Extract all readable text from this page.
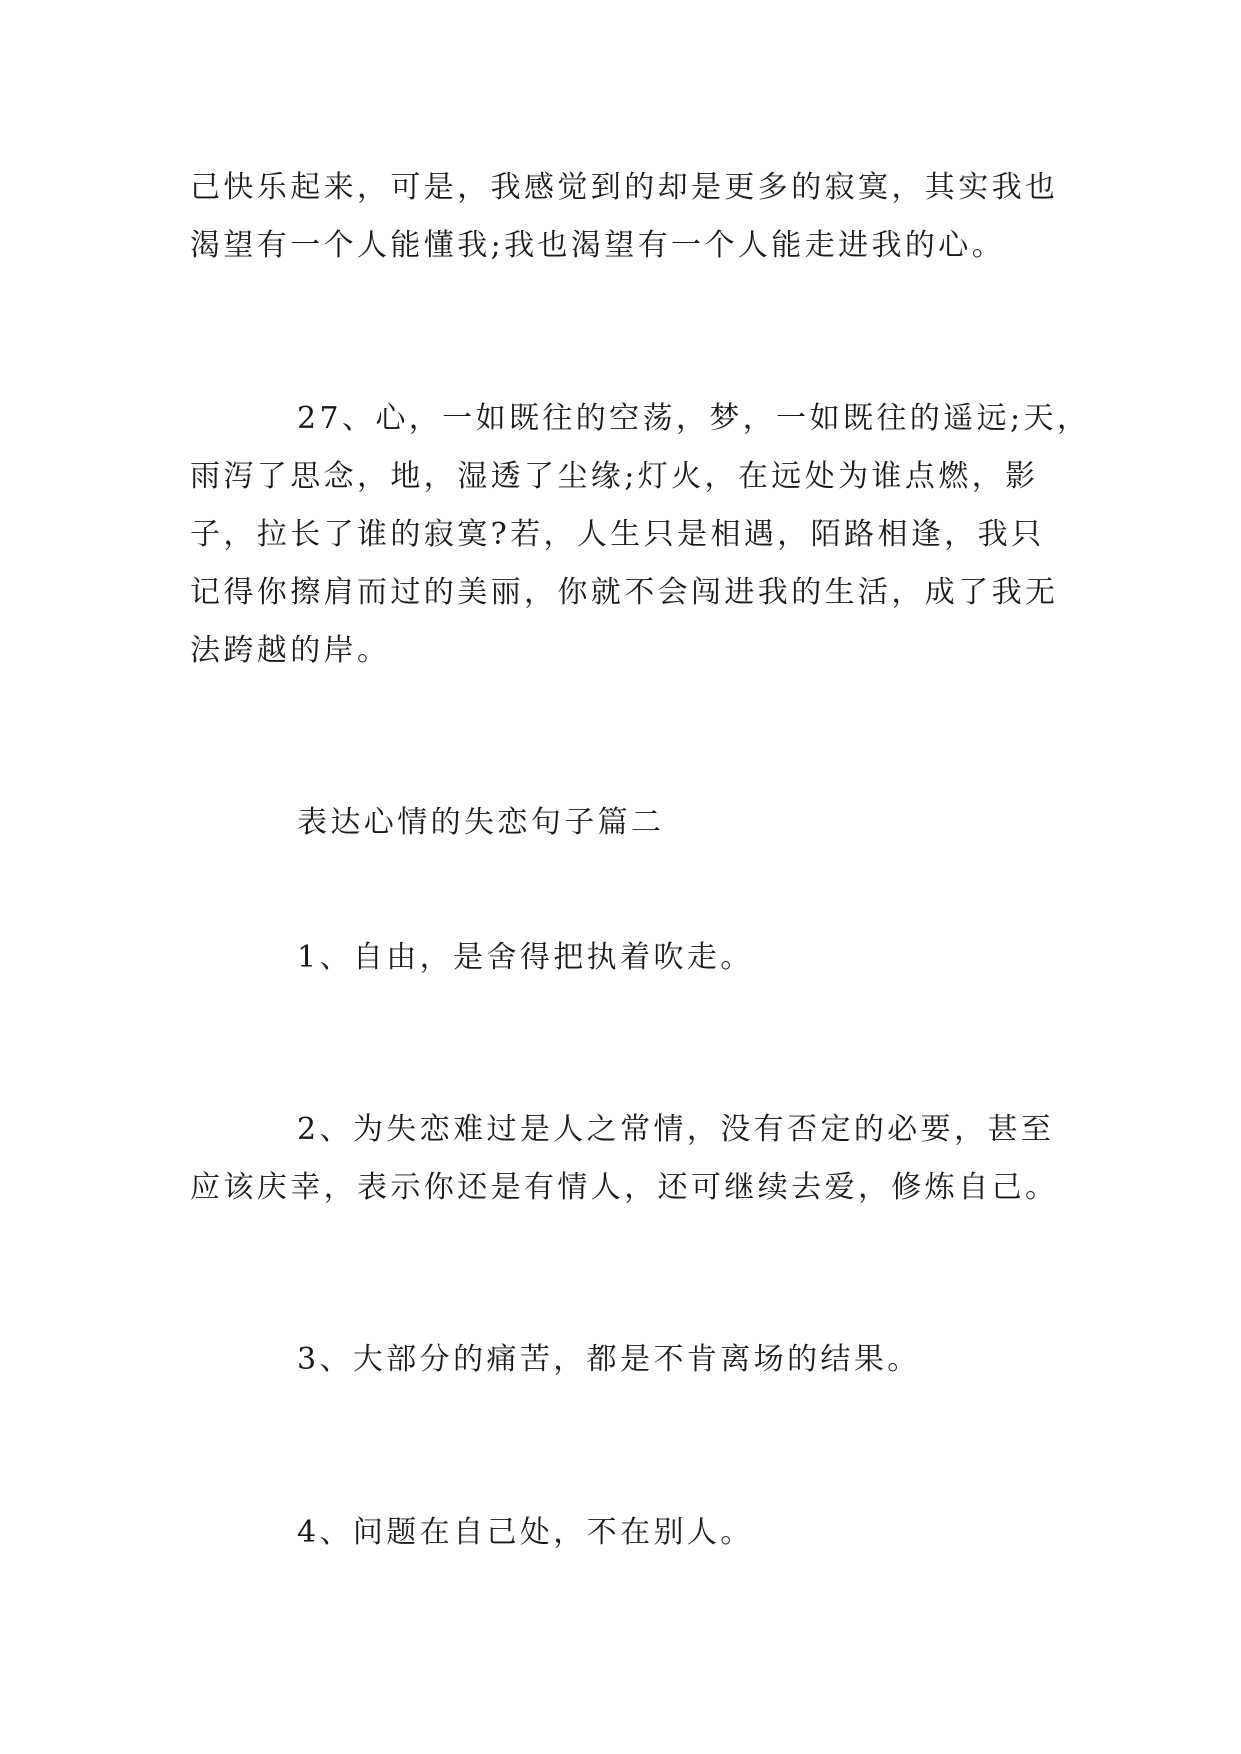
己快乐起来，可是，我感觉到的却是更多的寂寞，其实我也
渴望有一个人能懂我;我也渴望有一个人能走进我的心。
27、心，一如既往的空荡，梦，一如既往的遥远;天，
雨泻了思念，地，湿透了尘缘;灯火，在远处为谁点燃，影
子，拉长了谁的寂寞?若，人生只是相遇，陌路相逢，我只
记得你擦肩而过的美丽，你就不会闯进我的生活，成了我无
法跨越的岸。
表达心情的失恋句子篇二
1、自由，是舍得把执着吹走。
2、为失恋难过是人之常情，没有否定的必要，甚至
应该庆幸，表示你还是有情人，还可继续去爱，修炼自己。
3、大部分的痛苦，都是不肯离场的结果。
4、问题在自己处，不在别人。
